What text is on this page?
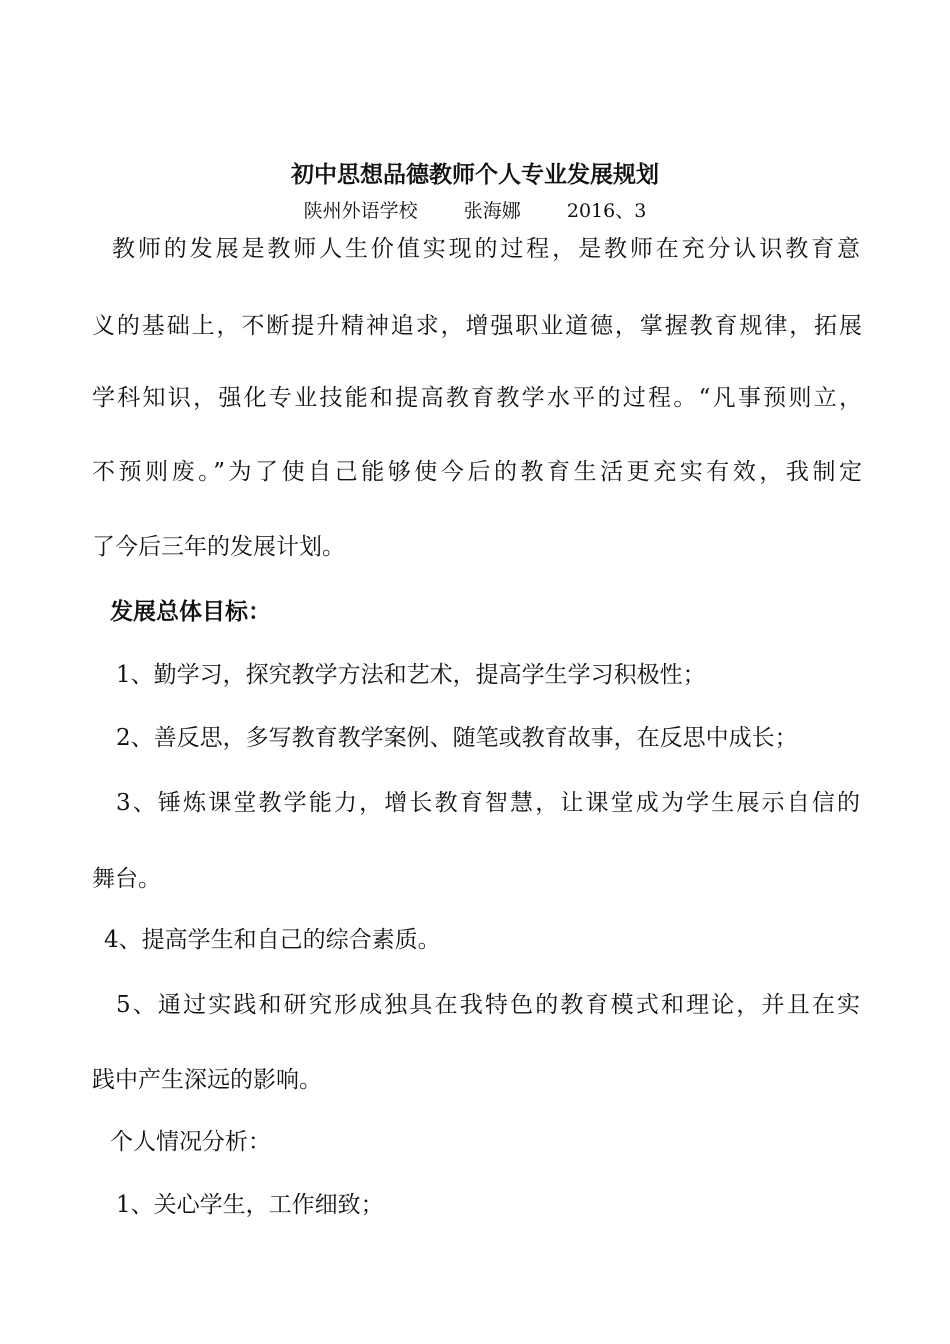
初中思想品德教师个人专业发展规划
陕州外语学校 张海娜 2016、3
教师的发展是教师人生价值实现的过程，是教师在充分认识教育意
义的基础上，不断提升精神追求，增强职业道德，掌握教育规律，拓展
学科知识，强化专业技能和提高教育教学水平的过程。“凡事预则立，
不预则废。”为了使自己能够使今后的教育生活更充实有效，我制定
了今后三年的发展计划。
发展总体目标：
1、勤学习，探究教学方法和艺术，提高学生学习积极性；
2、善反思，多写教育教学案例、随笔或教育故事，在反思中成长；
3、锤炼课堂教学能力，增长教育智慧，让课堂成为学生展示自信的
舞台。
4、提高学生和自己的综合素质。
5、通过实践和研究形成独具在我特色的教育模式和理论，并且在实
践中产生深远的影响。
个人情况分析：
1、关心学生，工作细致；
